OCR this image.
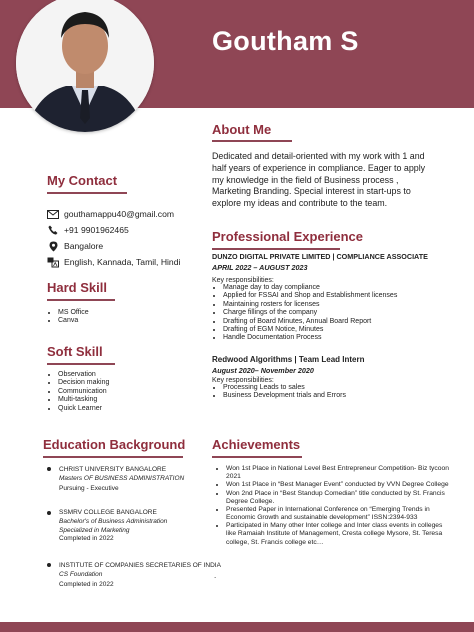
Goutham S
About Me
Dedicated and detail-oriented with my work with 1 and half years of experience in compliance. Eager to apply my knowledge in the field of Business process , Marketing Branding. Special interest in start-ups to explore my ideas and contribute to the team.
My Contact
gouthamappu40@gmail.com
+91 9901962465
Bangalore
English, Kannada, Tamil, Hindi
Hard Skill
• MS Office
• Canva
Soft Skill
• Observation
• Decision making
• Communication
• Multi-tasking
• Quick Learner
Professional Experience
DUNZO DIGITAL PRIVATE LIMITED | COMPLIANCE ASSOCIATE
APRIL 2022 – AUGUST 2023
Key responsibilities:
• Manage day to day compliance
• Applied for FSSAI and Shop and Establishment licenses
• Maintaining rosters for licenses
• Charge fillings of the company
• Drafting of Board Minutes, Annual Board Report
• Drafting of EGM Notice, Minutes
• Handle Documentation Process
Redwood Algorithms | Team Lead Intern
August 2020– November 2020
Key responsibilities:
• Processing Leads to sales
• Business Development trials and Errors
Education Background
CHRIST UNIVERSITY BANGALORE
Masters OF BUSINESS ADMINISTRATION
Pursuing - Executive
SSMRV COLLEGE BANGALORE
Bachelor's of Business Administration
Specialized in Marketing
Completed in 2022
INSTITUTE OF COMPANIES SECRETARIES OF INDIA
CS Foundation
Completed in 2022
Achievements
• Won 1st Place in National Level Best Entrepreneur Competition- Biz tycoon 2021
• Won 1st Place in “Best Manager Event” conducted by VVN Degree College
• Won 2nd Place in “Best Standup Comedian” title conducted by St. Francis Degree College.
• Presented Paper in International Conference on “Emerging Trends in Economic Growth and sustainable development” ISSN:2394-933
• Participated in Many other Inter college and Inter class events in colleges like Ramaiah Institute of Management, Cresta college Mysore, St. Teresa college, St. Francis college etc…
.
